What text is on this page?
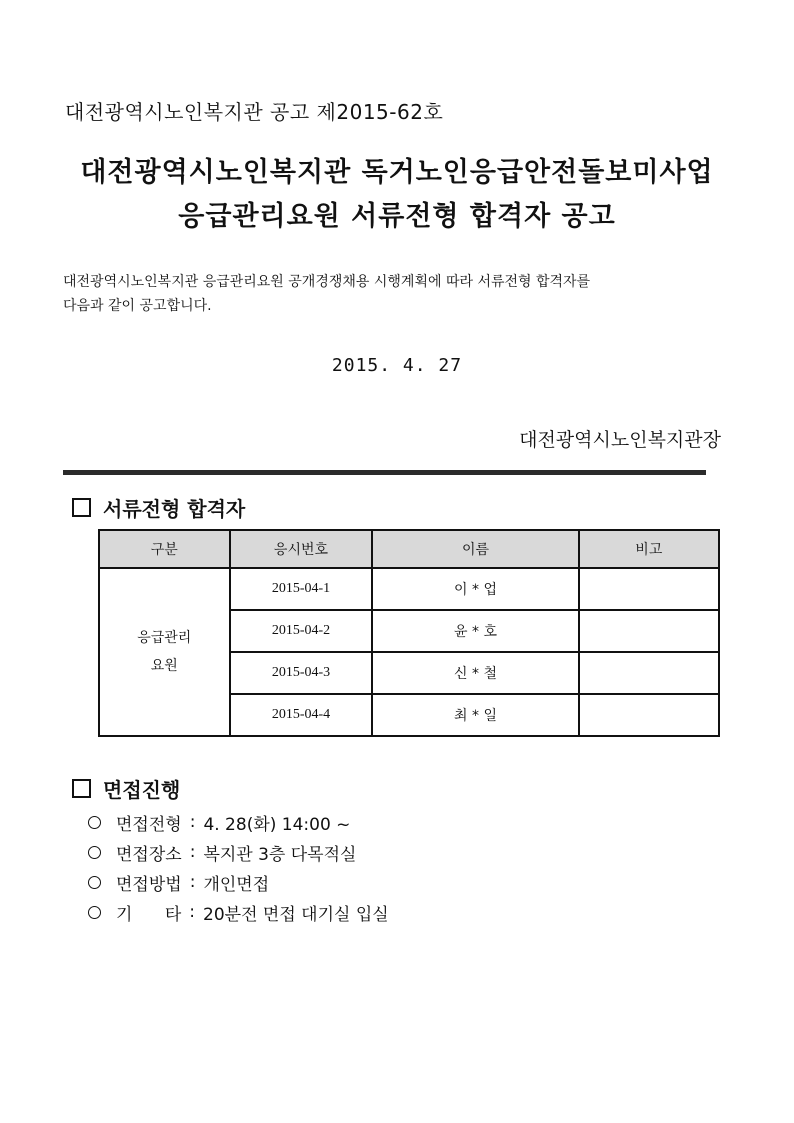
대전광역시노인복지관 공고 제2015-62호
대전광역시노인복지관 독거노인응급안전돌보미사업
응급관리요원 서류전형 합격자 공고
대전광역시노인복지관 응급관리요원 공개경쟁채용 시행계획에 따라 서류전형 합격자를
다음과 같이 공고합니다.
2015. 4. 27
대전광역시노인복지관장
서류전형 합격자
구분	응시번호	이름	비고

응급관리
요원	2015-04-1	이 * 업	
	2015-04-2	윤 * 호	
	2015-04-3	신 * 철	
	2015-04-4	최 * 일	
면접진행
면접전형 : 4. 28(화) 14:00 ~
면접장소 : 복지관 3층 다목적실
면접방법 : 개인면접
기      타 : 20분전 면접 대기실 입실
